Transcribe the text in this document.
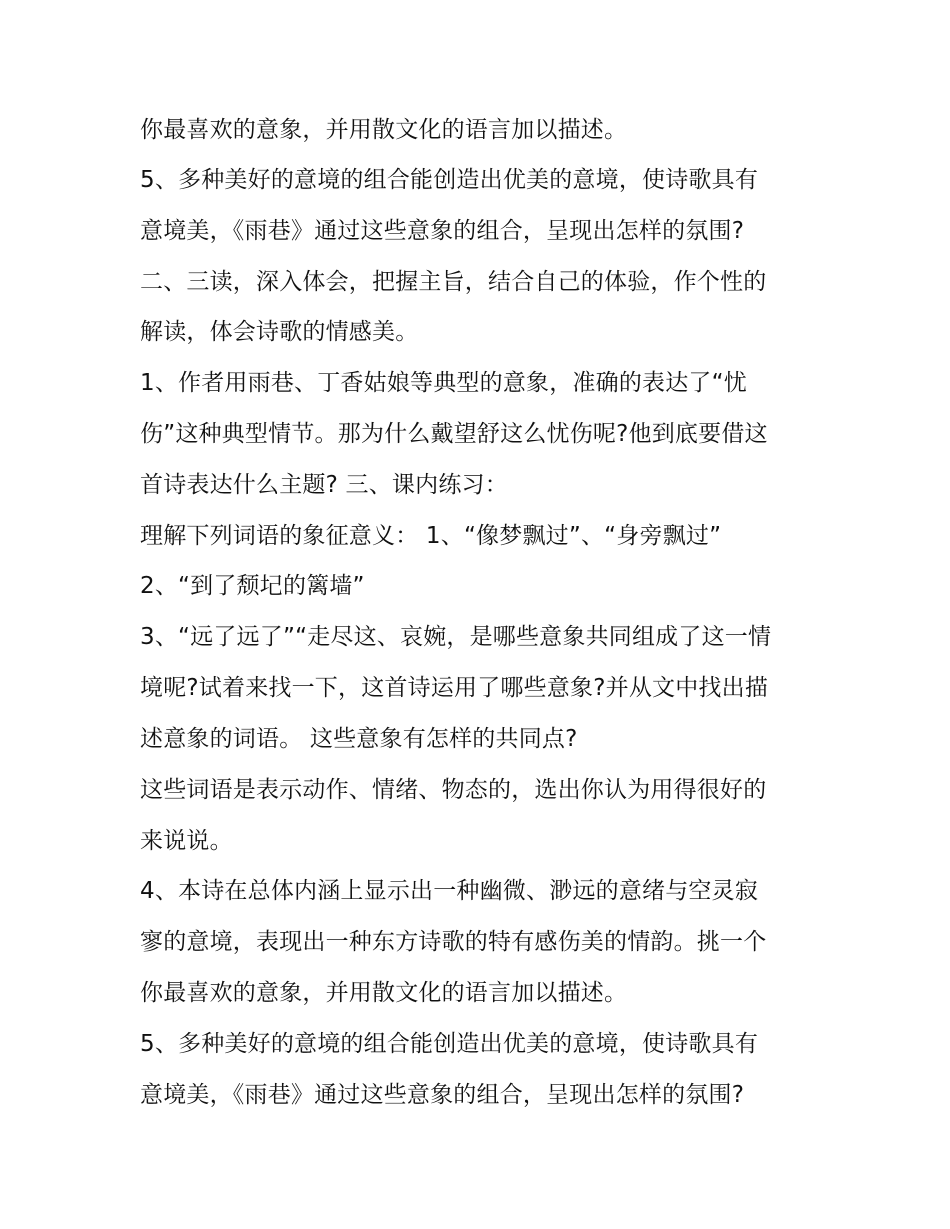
你最喜欢的意象，并用散文化的语言加以描述。
5、多种美好的意境的组合能创造出优美的意境，使诗歌具有
意境美，《雨巷》通过这些意象的组合，呈现出怎样的氛围?
二、三读，深入体会，把握主旨，结合自己的体验，作个性的
解读，体会诗歌的情感美。
1、作者用雨巷、丁香姑娘等典型的意象，准确的表达了“忧
伤”这种典型情节。那为什么戴望舒这么忧伤呢?他到底要借这
首诗表达什么主题? 三、课内练习：
理解下列词语的象征意义： 1、“像梦飘过”、“身旁飘过”
2、“到了颓圮的篱墙”
3、“远了远了”“走尽这、哀婉，是哪些意象共同组成了这一情
境呢?试着来找一下，这首诗运用了哪些意象?并从文中找出描
述意象的词语。 这些意象有怎样的共同点?
这些词语是表示动作、情绪、物态的，选出你认为用得很好的
来说说。
4、本诗在总体内涵上显示出一种幽微、渺远的意绪与空灵寂
寥的意境，表现出一种东方诗歌的特有感伤美的情韵。挑一个
你最喜欢的意象，并用散文化的语言加以描述。
5、多种美好的意境的组合能创造出优美的意境，使诗歌具有
意境美，《雨巷》通过这些意象的组合，呈现出怎样的氛围?
